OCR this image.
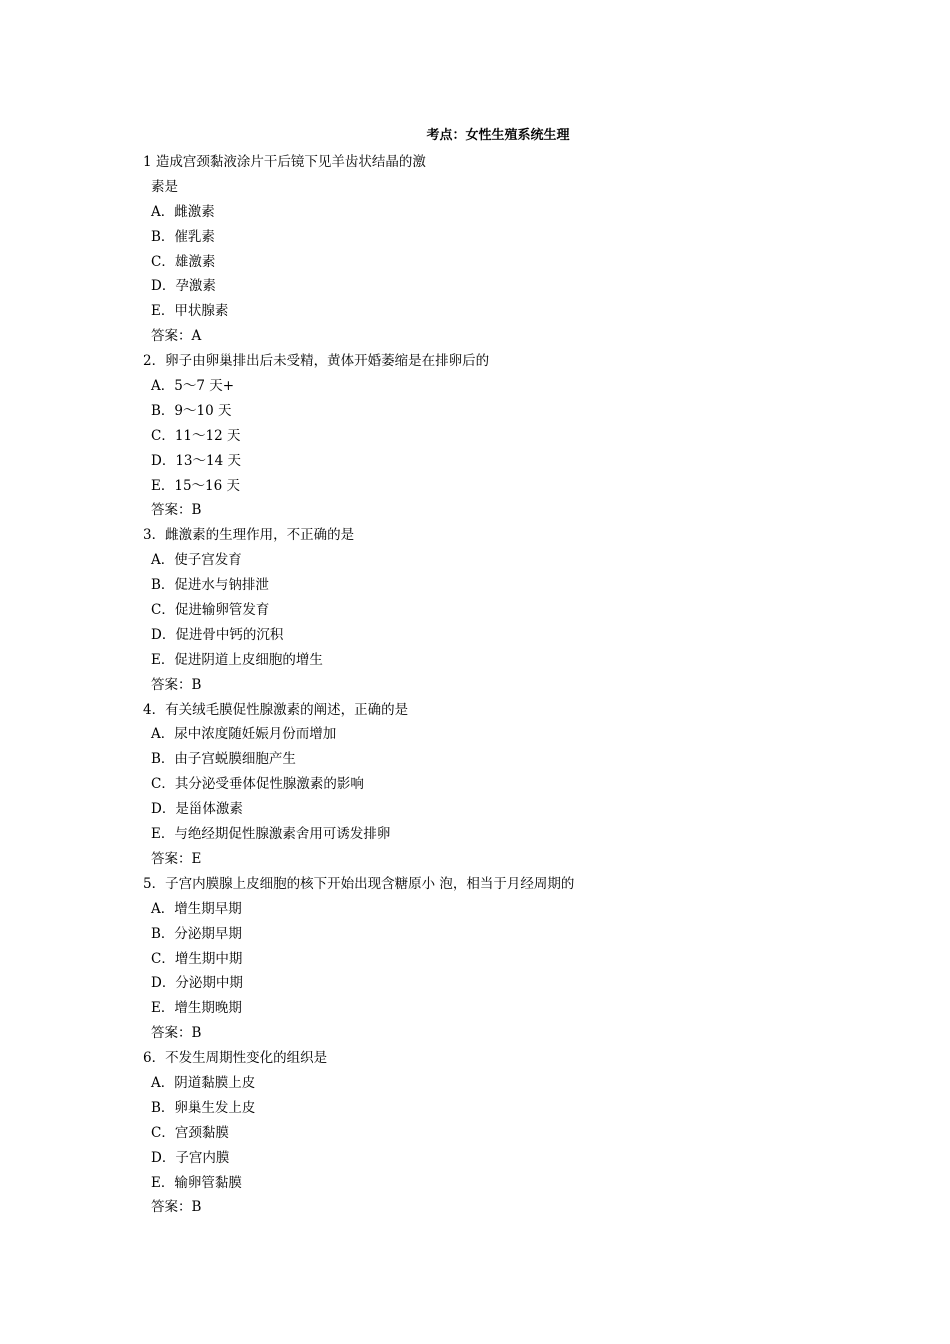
考点：女性生殖系统生理
1 造成宫颈黏液涂片干后镜下见羊齿状结晶的激
素是
A．雌激素
B．催乳素
C．雄激素
D．孕激素
E．甲状腺素
答案：A
2．卵子由卵巢排出后未受精，黄体开婚萎缩是在排卵后的
A．5～7 天+
B．9～10 天
C．11～12 天
D．13～14 天
E．15～16 天
答案：B
3．雌激素的生理作用，不正确的是
A．使子宫发育
B．促进水与钠排泄
C．促进输卵管发育
D．促进骨中钙的沉积
E．促进阴道上皮细胞的增生
答案：B
4．有关绒毛膜促性腺激素的阐述，正确的是
A．尿中浓度随妊娠月份而增加
B．由子宫蜕膜细胞产生
C．其分泌受垂体促性腺激素的影响
D．是甾体激素
E．与绝经期促性腺激素舍用可诱发排卵
答案：E
5．子宫内膜腺上皮细胞的核下开始出现含糖原小 泡，相当于月经周期的
A．增生期早期
B．分泌期早期
C．增生期中期
D．分泌期中期
E．增生期晚期
答案：B
6．不发生周期性变化的组织是
A．阴道黏膜上皮
B．卵巢生发上皮
C．宫颈黏膜
D．子宫内膜
E．输卵管黏膜
答案：B
